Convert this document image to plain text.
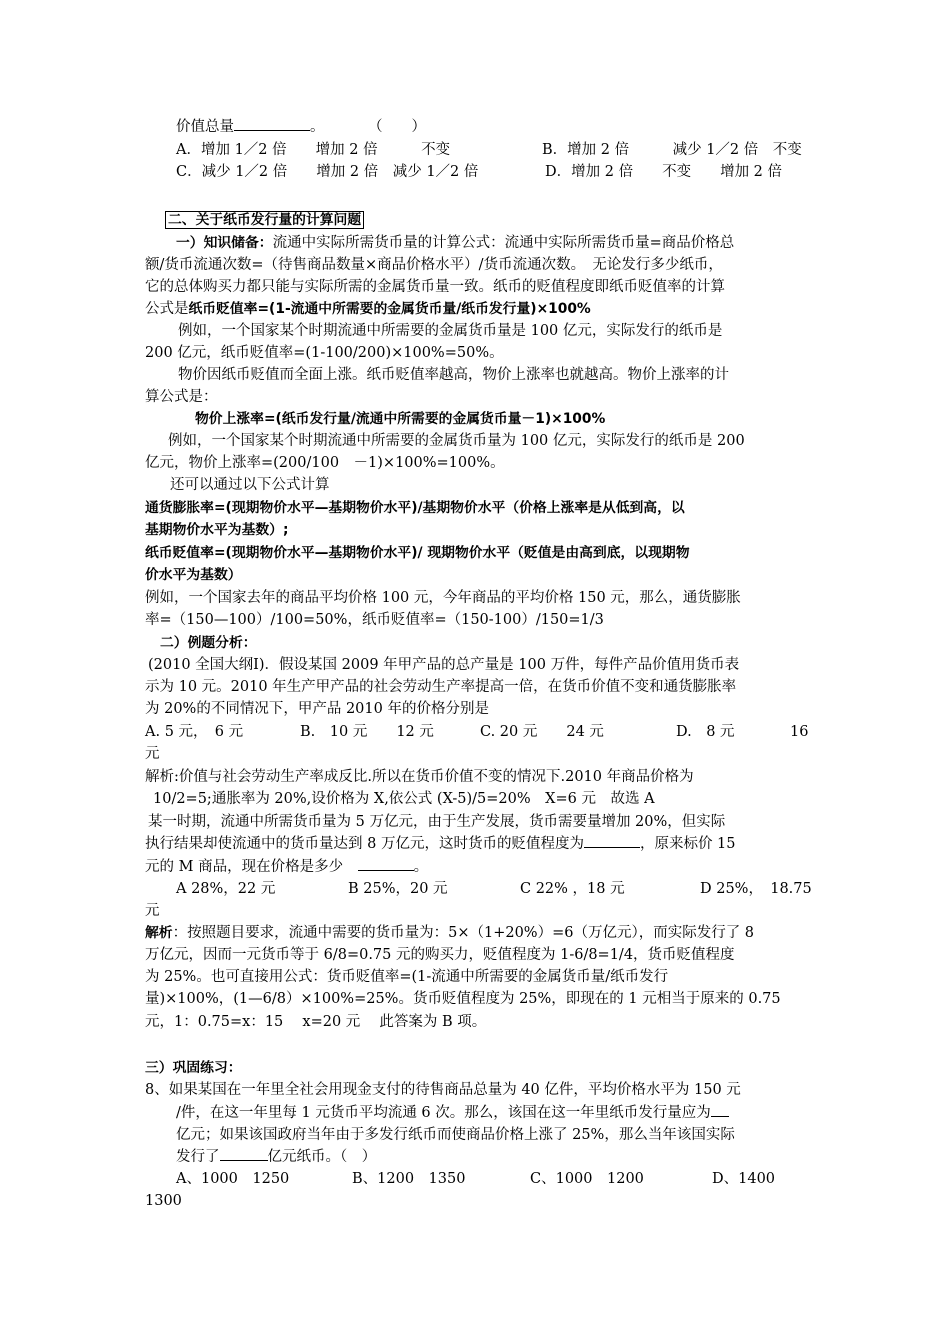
价值总量	。　　　　（　　）
A．增加 1／2 倍　　增加 2 倍　　　不变	B．增加 2 倍　　　减少 1／2 倍　不变
C．减少 1／2 倍　　增加 2 倍　减少 1／2 倍	D．增加 2 倍　　不变　　增加 2 倍
二、关于纸币发行量的计算问题
一）知识储备：流通中实际所需货币量的计算公式：流通中实际所需货币量=商品价格总
额/货币流通次数=（待售商品数量×商品价格水平）/货币流通次数。　无论发行多少纸币，
它的总体购买力都只能与实际所需的金属货币量一致。纸币的贬值程度即纸币贬值率的计算
公式是纸币贬值率=(1-流通中所需要的金属货币量/纸币发行量)×100%
例如，一个国家某个时期流通中所需要的金属货币量是 100 亿元，实际发行的纸币是
200 亿元，纸币贬值率=(1-100/200)×100%=50%。
物价因纸币贬值而全面上涨。纸币贬值率越高，物价上涨率也就越高。物价上涨率的计
算公式是：
物价上涨率=(纸币发行量/流通中所需要的金属货币量－1)×100%
例如，一个国家某个时期流通中所需要的金属货币量为 100 亿元，实际发行的纸币是 200
亿元，物价上涨率=(200/100　－1)×100%=100%。
还可以通过以下公式计算
通货膨胀率=(现期物价水平—基期物价水平)/基期物价水平（价格上涨率是从低到高，以
基期物价水平为基数）;
纸币贬值率=(现期物价水平—基期物价水平)/ 现期物价水平（贬值是由高到底，以现期物
价水平为基数）
例如，一个国家去年的商品平均价格 100 元，今年商品的平均价格 150 元，那么，通货膨胀
率=（150—100）/100=50%，纸币贬值率=（150-100）/150=1/3
二）例题分析：
(2010 全国大纲Ⅰ)．假设某国 2009 年甲产品的总产量是 100 万件，每件产品价值用货币表
示为 10 元。2010 年生产甲产品的社会劳动生产率提高一倍，在货币价值不变和通货膨胀率
为 20%的不同情况下，甲产品 2010 年的价格分别是
A. 5 元，　6 元	B.　10 元　　12 元	C. 20 元　　24 元	D.　8 元	16
元
解析:价值与社会劳动生产率成反比.所以在货币价值不变的情况下.2010 年商品价格为
10/2=5;通胀率为 20%,设价格为 X,依公式 (X-5)/5=20%　X=6 元　故选 A
某一时期，流通中所需货币量为 5 万亿元，由于生产发展，货币需要量增加 20%，但实际
执行结果却使流通中的货币量达到 8 万亿元，这时货币的贬值程度为	，原来标价 15
元的 M 商品，现在价格是多少　	。
A 28%，22 元	B 25%，20 元	C 22% ，18 元	D 25%，　18.75
元
解析：按照题目要求，流通中需要的货币量为：5×（1+20%）=6（万亿元），而实际发行了 8
万亿元，因而一元货币等于 6/8=0.75 元的购买力，贬值程度为 1-6/8=1/4，货币贬值程度
为 25%。也可直接用公式：货币贬值率=(1-流通中所需要的金属货币量/纸币发行
量)×100%，(1—6/8）×100%=25%。货币贬值程度为 25%，即现在的 1 元相当于原来的 0.75
元，1：0.75=x：15　 x=20 元　 此答案为 B 项。
三）巩固练习：
8、如果某国在一年里全社会用现金支付的待售商品总量为 40 亿件，平均价格水平为 150 元
/件，在这一年里每 1 元货币平均流通 6 次。那么，该国在这一年里纸币发行量应为
亿元；如果该国政府当年由于多发行纸币而使商品价格上涨了 25%，那么当年该国实际
发行了	亿元纸币。（　）
A、1000　1250	B、1200　1350	C、1000　1200	D、1400
1300
